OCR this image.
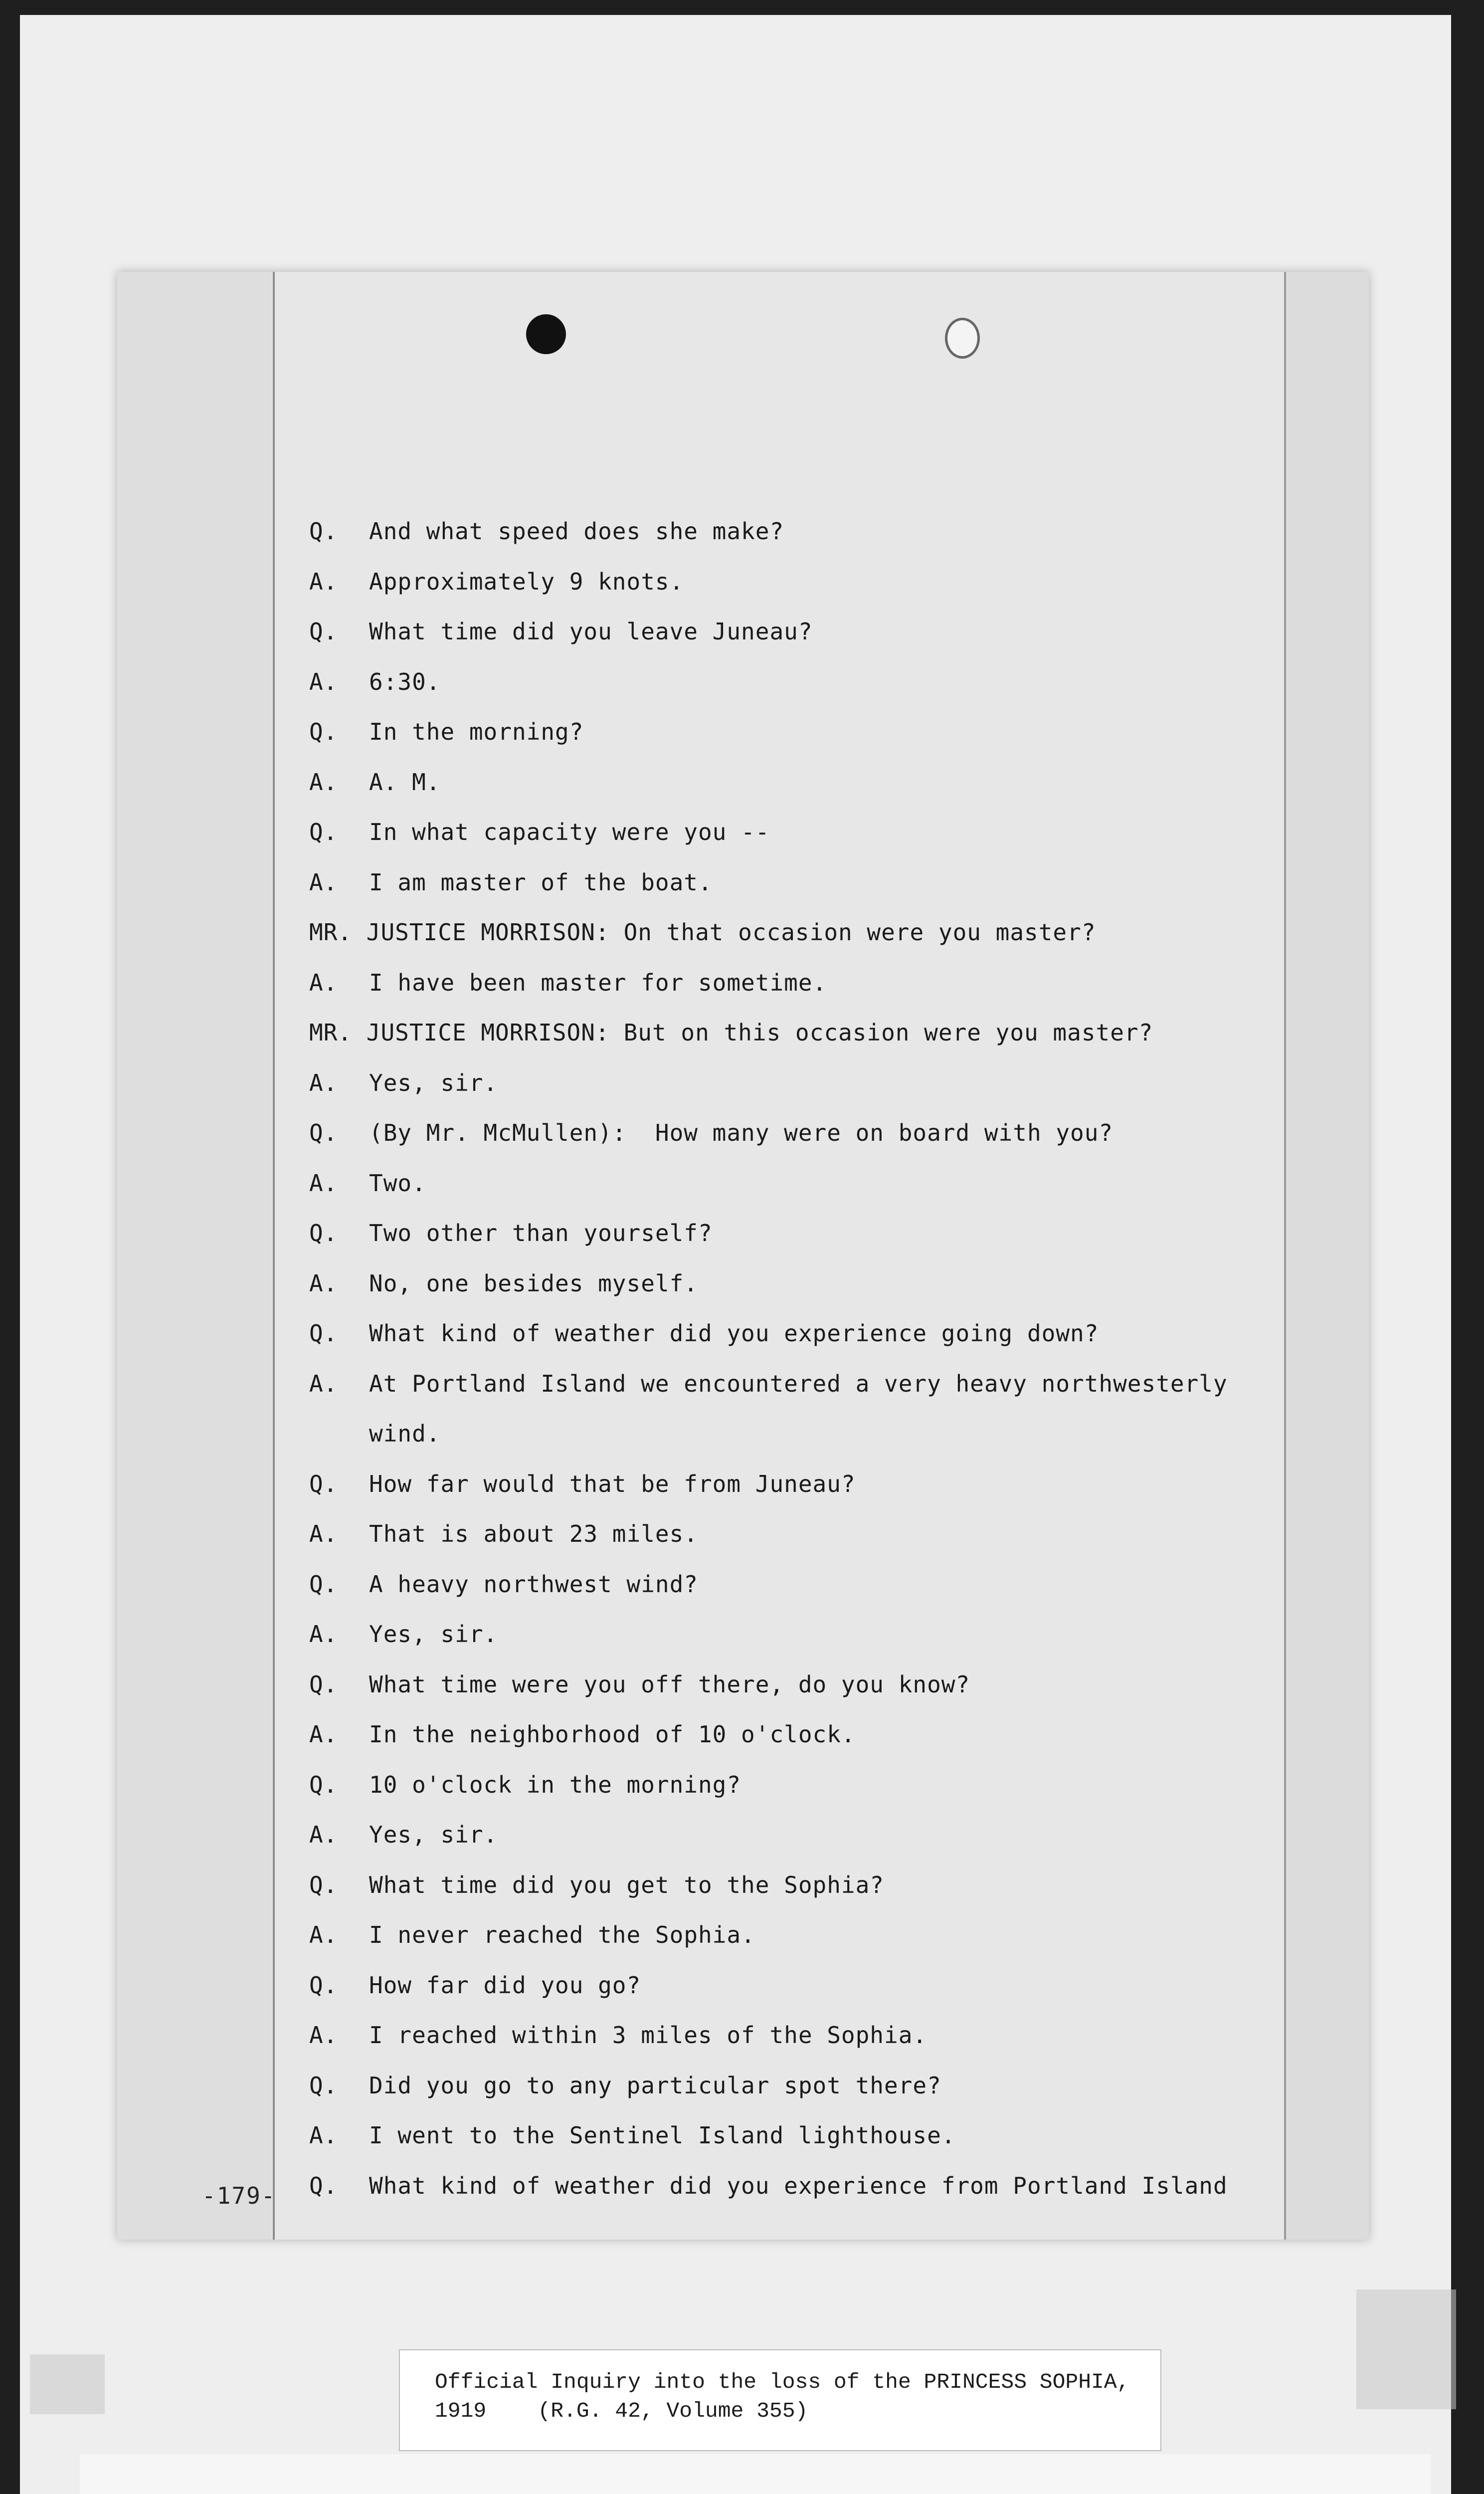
Q. And what speed does she make?
A. Approximately 9 knots.
Q. What time did you leave Juneau?
A. 6:30.
Q. In the morning?
A. A. M.
Q. In what capacity were you --
A. I am master of the boat.
MR. JUSTICE MORRISON: On that occasion were you master?
A. I have been master for sometime.
MR. JUSTICE MORRISON: But on this occasion were you master?
A. Yes, sir.
Q. (By Mr. McMullen):  How many were on board with you?
A. Two.
Q. Two other than yourself?
A. No, one besides myself.
Q. What kind of weather did you experience going down?
A. At Portland Island we encountered a very heavy northwesterly
wind.
Q. How far would that be from Juneau?
A. That is about 23 miles.
Q. A heavy northwest wind?
A. Yes, sir.
Q. What time were you off there, do you know?
A. In the neighborhood of 10 o'clock.
Q. 10 o'clock in the morning?
A. Yes, sir.
Q. What time did you get to the Sophia?
A. I never reached the Sophia.
Q. How far did you go?
A. I reached within 3 miles of the Sophia.
Q. Did you go to any particular spot there?
A. I went to the Sentinel Island lighthouse.
Q. What kind of weather did you experience from Portland Island
-179-
Official Inquiry into the loss of the PRINCESS SOPHIA,
1919    (R.G. 42, Volume 355)
